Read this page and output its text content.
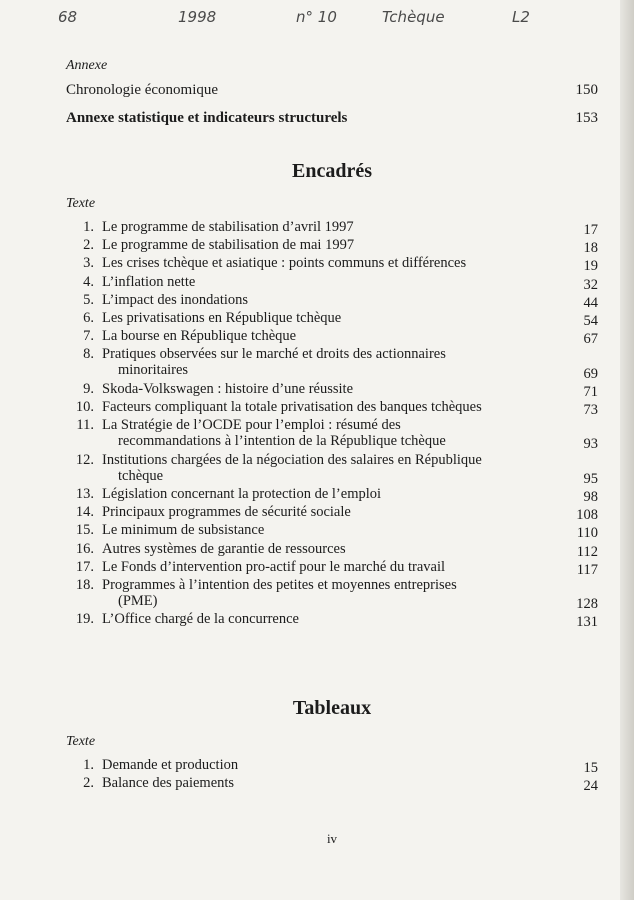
68	1998	n° 10	Tchèque	L2
Annexe
Chronologie économique	150
Annexe statistique et indicateurs structurels	153
Encadrés
Texte
1. Le programme de stabilisation d’avril 1997	17
2. Le programme de stabilisation de mai 1997	18
3. Les crises tchèque et asiatique : points communs et différences	19
4. L’inflation nette	32
5. L’impact des inondations	44
6. Les privatisations en République tchèque	54
7. La bourse en République tchèque	67
8. Pratiques observées sur le marché et droits des actionnaires
minoritaires	69
9. Skoda-Volkswagen : histoire d’une réussite	71
10. Facteurs compliquant la totale privatisation des banques tchèques	73
11. La Stratégie de l’OCDE pour l’emploi : résumé des
recommandations à l’intention de la République tchèque	93
12. Institutions chargées de la négociation des salaires en République
tchèque	95
13. Législation concernant la protection de l’emploi	98
14. Principaux programmes de sécurité sociale	108
15. Le minimum de subsistance	110
16. Autres systèmes de garantie de ressources	112
17. Le Fonds d’intervention pro-actif pour le marché du travail	117
18. Programmes à l’intention des petites et moyennes entreprises
(PME)	128
19. L’Office chargé de la concurrence	131
Tableaux
Texte
1. Demande et production	15
2. Balance des paiements	24
iv
